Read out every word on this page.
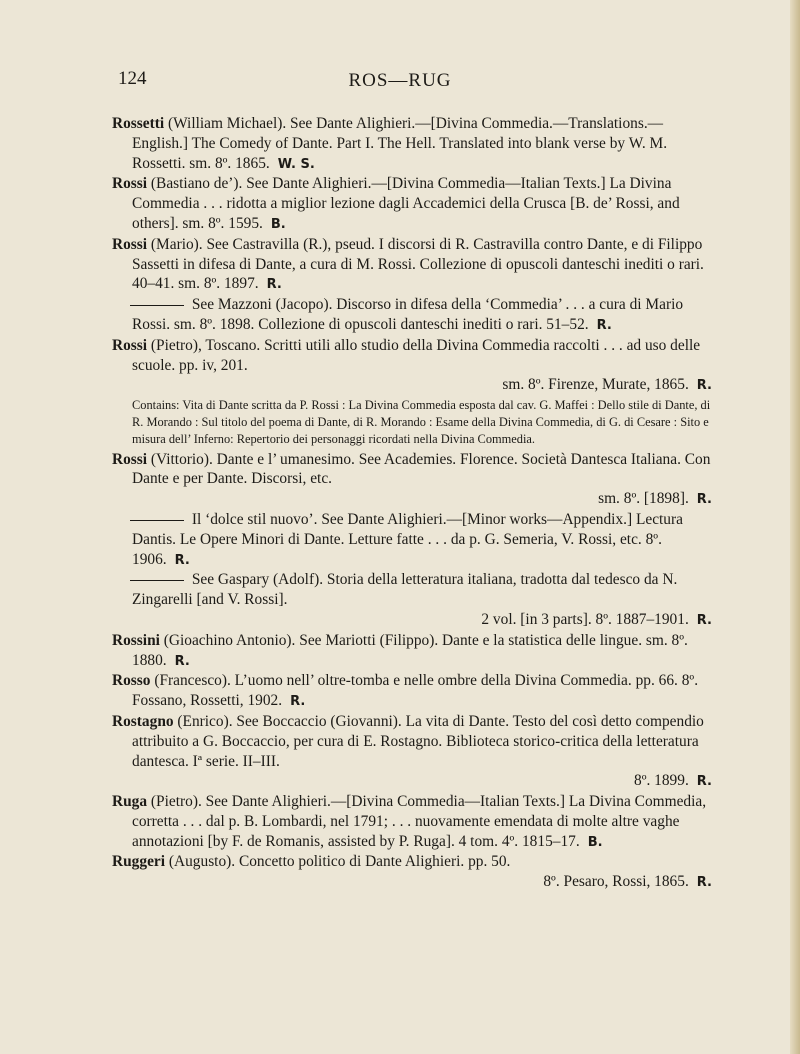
124	ROS—RUG

Rossetti (William Michael). See Dante Alighieri.—[Divina Commedia.—Translations.—English.] The Comedy of Dante. Part I. The Hell. Translated into blank verse by W. M. Rossetti. sm. 8º. 1865. W. S.

Rossi (Bastiano de’). See Dante Alighieri.—[Divina Commedia—Italian Texts.] La Divina Commedia . . . ridotta a miglior lezione dagli Accademici della Crusca [B. de’ Rossi, and others]. sm. 8º. 1595. B.

Rossi (Mario). See Castravilla (R.), pseud. I discorsi di R. Castravilla contro Dante, e di Filippo Sassetti in difesa di Dante, a cura di M. Rossi. Collezione di opuscoli danteschi inediti o rari. 40–41. sm. 8º. 1897. R.

See Mazzoni (Jacopo). Discorso in difesa della ‘Commedia’ . . . a cura di Mario Rossi. sm. 8º. 1898. Collezione di opuscoli danteschi inediti o rari. 51–52. R.

Rossi (Pietro), Toscano. Scritti utili allo studio della Divina Commedia raccolti . . . ad uso delle scuole. pp. iv, 201.
sm. 8º. Firenze, Murate, 1865. R.

Contains: Vita di Dante scritta da P. Rossi : La Divina Commedia esposta dal cav. G. Maffei : Dello stile di Dante, di R. Morando : Sul titolo del poema di Dante, di R. Morando : Esame della Divina Commedia, di G. di Cesare : Sito e misura dell’ Inferno: Repertorio dei personaggi ricordati nella Divina Commedia.

Rossi (Vittorio). Dante e l’ umanesimo. See Academies. Florence. Società Dantesca Italiana. Con Dante e per Dante. Discorsi, etc.
sm. 8º. [1898]. R.

Il ‘dolce stil nuovo’. See Dante Alighieri.—[Minor works—Appendix.] Lectura Dantis. Le Opere Minori di Dante. Letture fatte . . . da p. G. Semeria, V. Rossi, etc. 8º. 1906. R.

See Gaspary (Adolf). Storia della letteratura italiana, tradotta dal tedesco da N. Zingarelli [and V. Rossi].
2 vol. [in 3 parts]. 8º. 1887–1901. R.

Rossini (Gioachino Antonio). See Mariotti (Filippo). Dante e la statistica delle lingue. sm. 8º. 1880. R.

Rosso (Francesco). L’uomo nell’ oltre-tomba e nelle ombre della Divina Commedia. pp. 66. 8º. Fossano, Rossetti, 1902. R.

Rostagno (Enrico). See Boccaccio (Giovanni). La vita di Dante. Testo del così detto compendio attribuito a G. Boccaccio, per cura di E. Rostagno. Biblioteca storico-critica della letteratura dantesca. Iª serie. II–III.
8º. 1899. R.

Ruga (Pietro). See Dante Alighieri.—[Divina Commedia—Italian Texts.] La Divina Commedia, corretta . . . dal p. B. Lombardi, nel 1791; . . . nuovamente emendata di molte altre vaghe annotazioni [by F. de Romanis, assisted by P. Ruga]. 4 tom. 4º. 1815–17. B.

Ruggeri (Augusto). Concetto politico di Dante Alighieri. pp. 50.
8º. Pesaro, Rossi, 1865. R.
